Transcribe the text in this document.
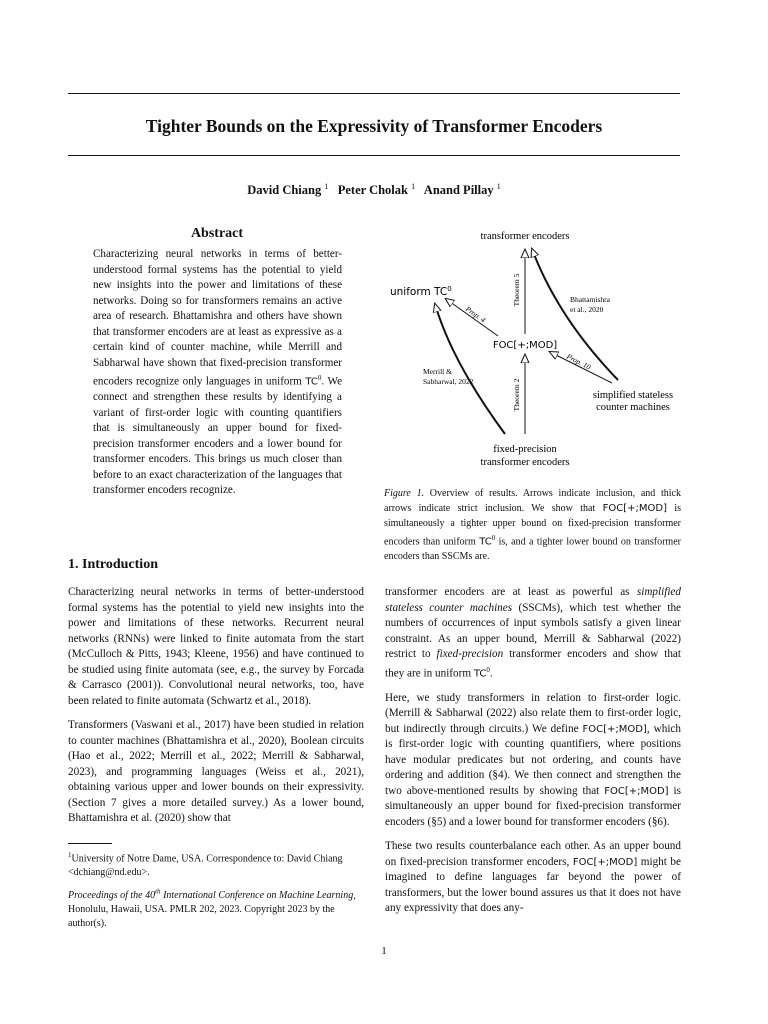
Tighter Bounds on the Expressivity of Transformer Encoders
David Chiang $^1$ Peter Cholak $^1$ Anand Pillay $^1$
Abstract

Characterizing neural networks in terms of better-understood formal systems has the potential to yield new insights into the power and limitations of these networks. Doing so for transformers remains an active area of research. Bhattamishra and others have shown that transformer encoders are at least as expressive as a certain kind of counter machine, while Merrill and Sabharwal have shown that fixed-precision transformer encoders recognize only languages in uniform $TC^0$. We connect and strengthen these results by identifying a variant of first-order logic with counting quantifiers that is simultaneously an upper bound for fixed-precision transformer encoders and a lower bound for transformer encoders. This brings us much closer than before to an exact characterization of the languages that transformer encoders recognize.

transformer encoders
uniform $TC^0$
FOC[+;MOD]
simplified stateless
counter machines
fixed-precision
transformer encoders
Prop. 4
Theorem 5
Prop. 10
Theorem 2
Bhattamishra
et al., 2020
Merrill &
Sabharwal, 2022

Figure 1. Overview of results. Arrows indicate inclusion, and thick arrows indicate strict inclusion. We show that FOC[+;MOD] is simultaneously a tighter upper bound on fixed-precision transformer encoders than uniform $TC^0$ is, and a tighter lower bound on transformer encoders than SSCMs are.

1. Introduction

Characterizing neural networks in terms of better-understood formal systems has the potential to yield new insights into the power and limitations of these networks. Recurrent neural networks (RNNs) were linked to finite automata from the start (McCulloch & Pitts, 1943; Kleene, 1956) and have continued to be studied using finite automata (see, e.g., the survey by Forcada & Carrasco (2001)). Convolutional neural networks, too, have been related to finite automata (Schwartz et al., 2018).

Transformers (Vaswani et al., 2017) have been studied in relation to counter machines (Bhattamishra et al., 2020), Boolean circuits (Hao et al., 2022; Merrill et al., 2022; Merrill & Sabharwal, 2023), and programming languages (Weiss et al., 2021), obtaining various upper and lower bounds on their expressivity. (Section 7 gives a more detailed survey.) As a lower bound, Bhattamishra et al. (2020) show that

$^1$University of Notre Dame, USA. Correspondence to: David Chiang <dchiang@nd.edu>.

Proceedings of the 40th International Conference on Machine Learning, Honolulu, Hawaii, USA. PMLR 202, 2023. Copyright 2023 by the author(s).

transformer encoders are at least as powerful as simplified stateless counter machines (SSCMs), which test whether the numbers of occurrences of input symbols satisfy a given linear constraint. As an upper bound, Merrill & Sabharwal (2022) restrict to fixed-precision transformer encoders and show that they are in uniform $TC^0$.

Here, we study transformers in relation to first-order logic. (Merrill & Sabharwal (2022) also relate them to first-order logic, but indirectly through circuits.) We define FOC[+;MOD], which is first-order logic with counting quantifiers, where positions have modular predicates but not ordering, and counts have ordering and addition (§4). We then connect and strengthen the two above-mentioned results by showing that FOC[+;MOD] is simultaneously an upper bound for fixed-precision transformer encoders (§5) and a lower bound for transformer encoders (§6).

These two results counterbalance each other. As an upper bound on fixed-precision transformer encoders, FOC[+;MOD] might be imagined to define languages far beyond the power of transformers, but the lower bound assures us that it does not have any expressivity that does any-

1
